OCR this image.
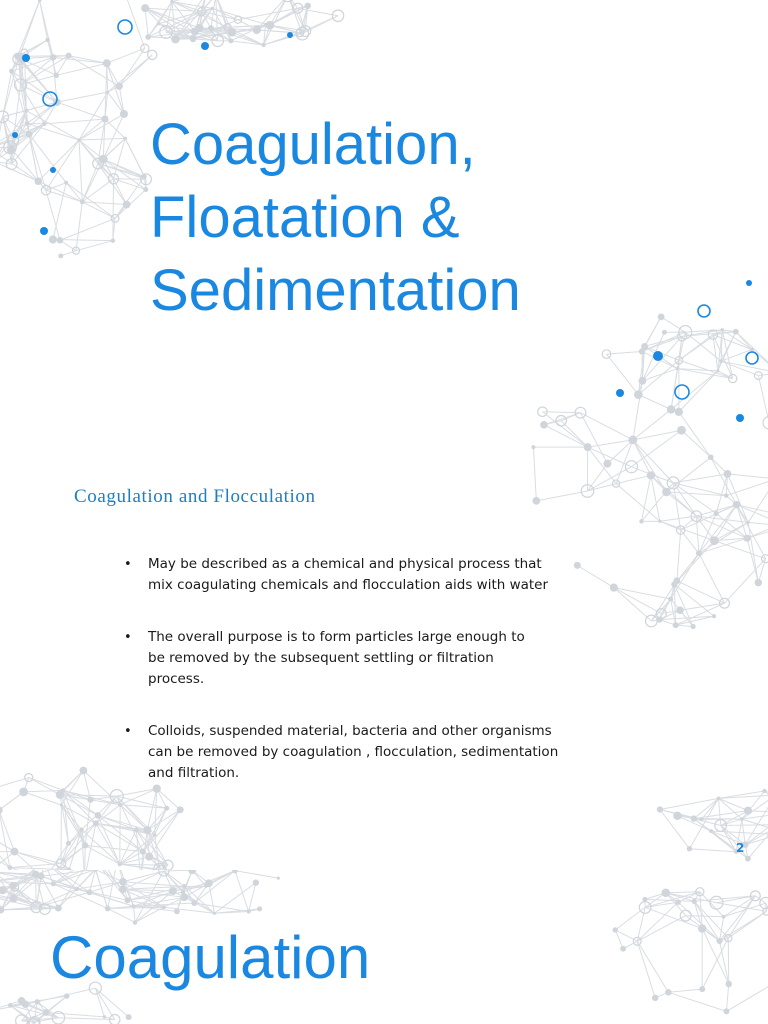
Coagulation,
Floatation &
Sedimentation
Coagulation and Flocculation
• May be described as a chemical and physical process that
mix coagulating chemicals and flocculation aids with water
• The overall purpose is to form particles large enough to
be removed by the subsequent settling or filtration
process.
• Colloids, suspended material, bacteria and other organisms
can be removed by coagulation , flocculation, sedimentation
and filtration.
2
Coagulation
